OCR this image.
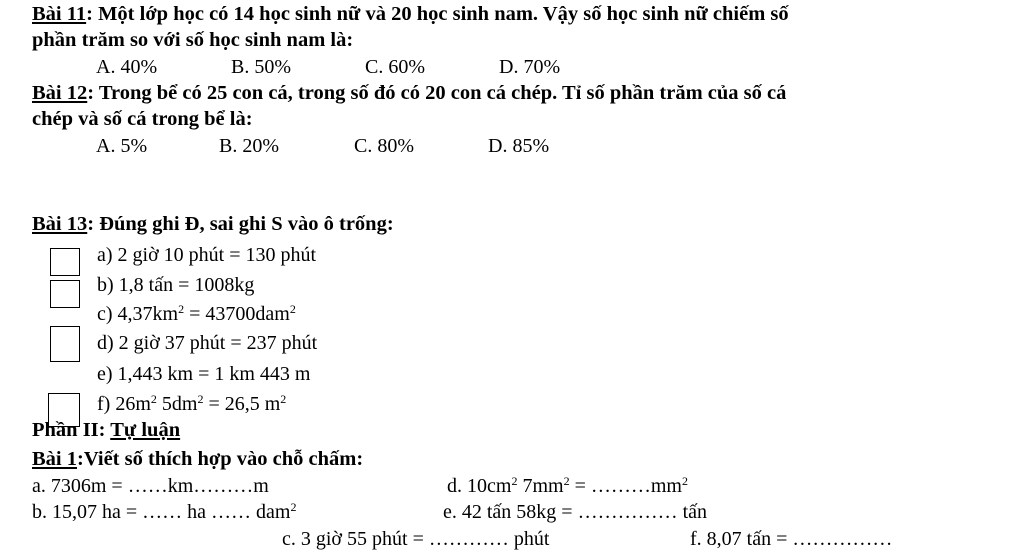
Bài 11: Một lớp học có 14 học sinh nữ và 20 học sinh nam. Vậy số học sinh nữ chiếm số
phần trăm so với số học sinh nam là:
A. 40%	B. 50%	C. 60%	D. 70%
Bài 12: Trong bể có 25 con cá, trong số đó có 20 con cá chép. Tỉ số phần trăm của số cá
chép và số cá trong bể là:
A. 5%	B. 20%	C. 80%	D. 85%
Bài 13: Đúng ghi Đ, sai ghi S vào ô trống:
a) 2 giờ 10 phút = 130 phút
b) 1,8 tấn = 1008kg
c) $4,37km^2 = 43700dam^2$
d) 2 giờ 37 phút = 237 phút
e) 1,443 km = 1 km 443 m
f) $26m^2$ $5dm^2 = 26,5$ $m^2$
Phần II: Tự luận
Bài 1:Viết số thích hợp vào chỗ chấm:
a. 7306m = ……km………m	d. $10cm^2$ $7mm^2$ = $\dots\dots\dots mm^2$
b. 15,07 ha = …… ha …… dam$^2$	e. 42 tấn 58kg = …………… tấn
c. 3 giờ 55 phút = ………… phút	f. 8,07 tấn = ……………
